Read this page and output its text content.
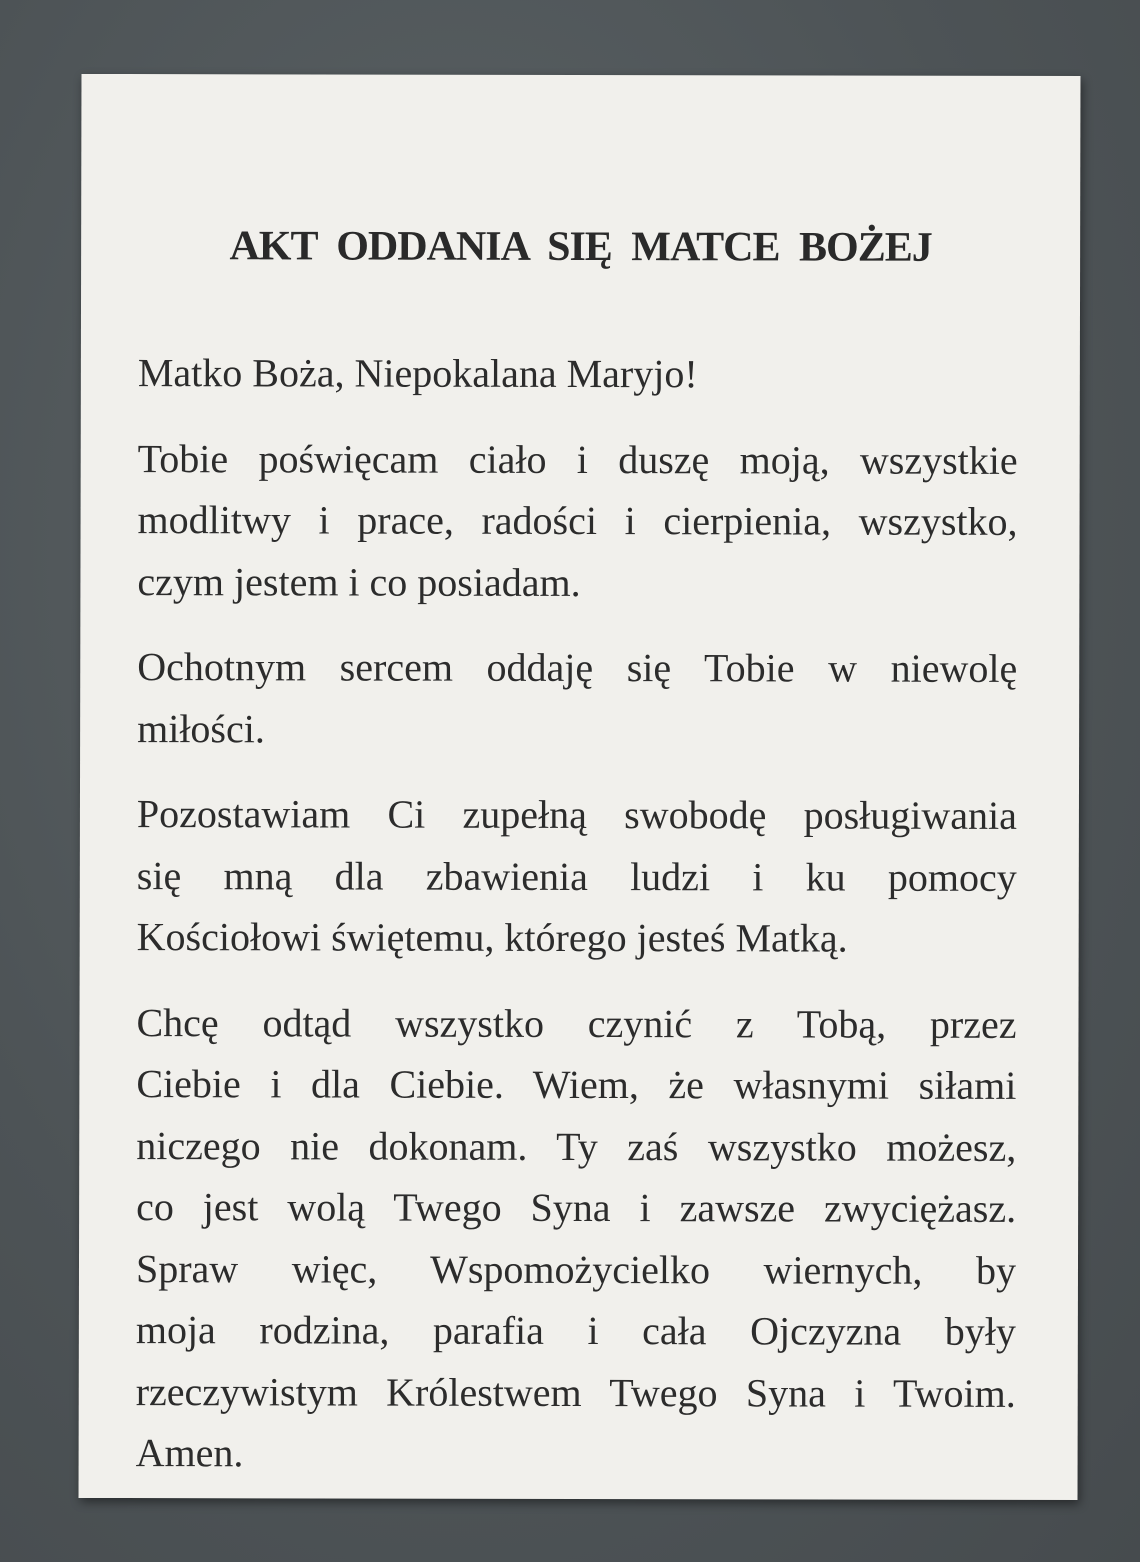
AKT ODDANIA SIĘ MATCE BOŻEJ
Matko Boża, Niepokalana Maryjo!
Tobie poświęcam ciało i duszę moją, wszystkie
modlitwy i prace, radości i cierpienia, wszystko,
czym jestem i co posiadam.
Ochotnym sercem oddaję się Tobie w niewolę
miłości.
Pozostawiam Ci zupełną swobodę posługiwania
się mną dla zbawienia ludzi i ku pomocy
Kościołowi świętemu, którego jesteś Matką.
Chcę odtąd wszystko czynić z Tobą, przez
Ciebie i dla Ciebie. Wiem, że własnymi siłami
niczego nie dokonam. Ty zaś wszystko możesz,
co jest wolą Twego Syna i zawsze zwyciężasz.
Spraw więc, Wspomożycielko wiernych, by
moja rodzina, parafia i cała Ojczyzna były
rzeczywistym Królestwem Twego Syna i Twoim.
Amen.
